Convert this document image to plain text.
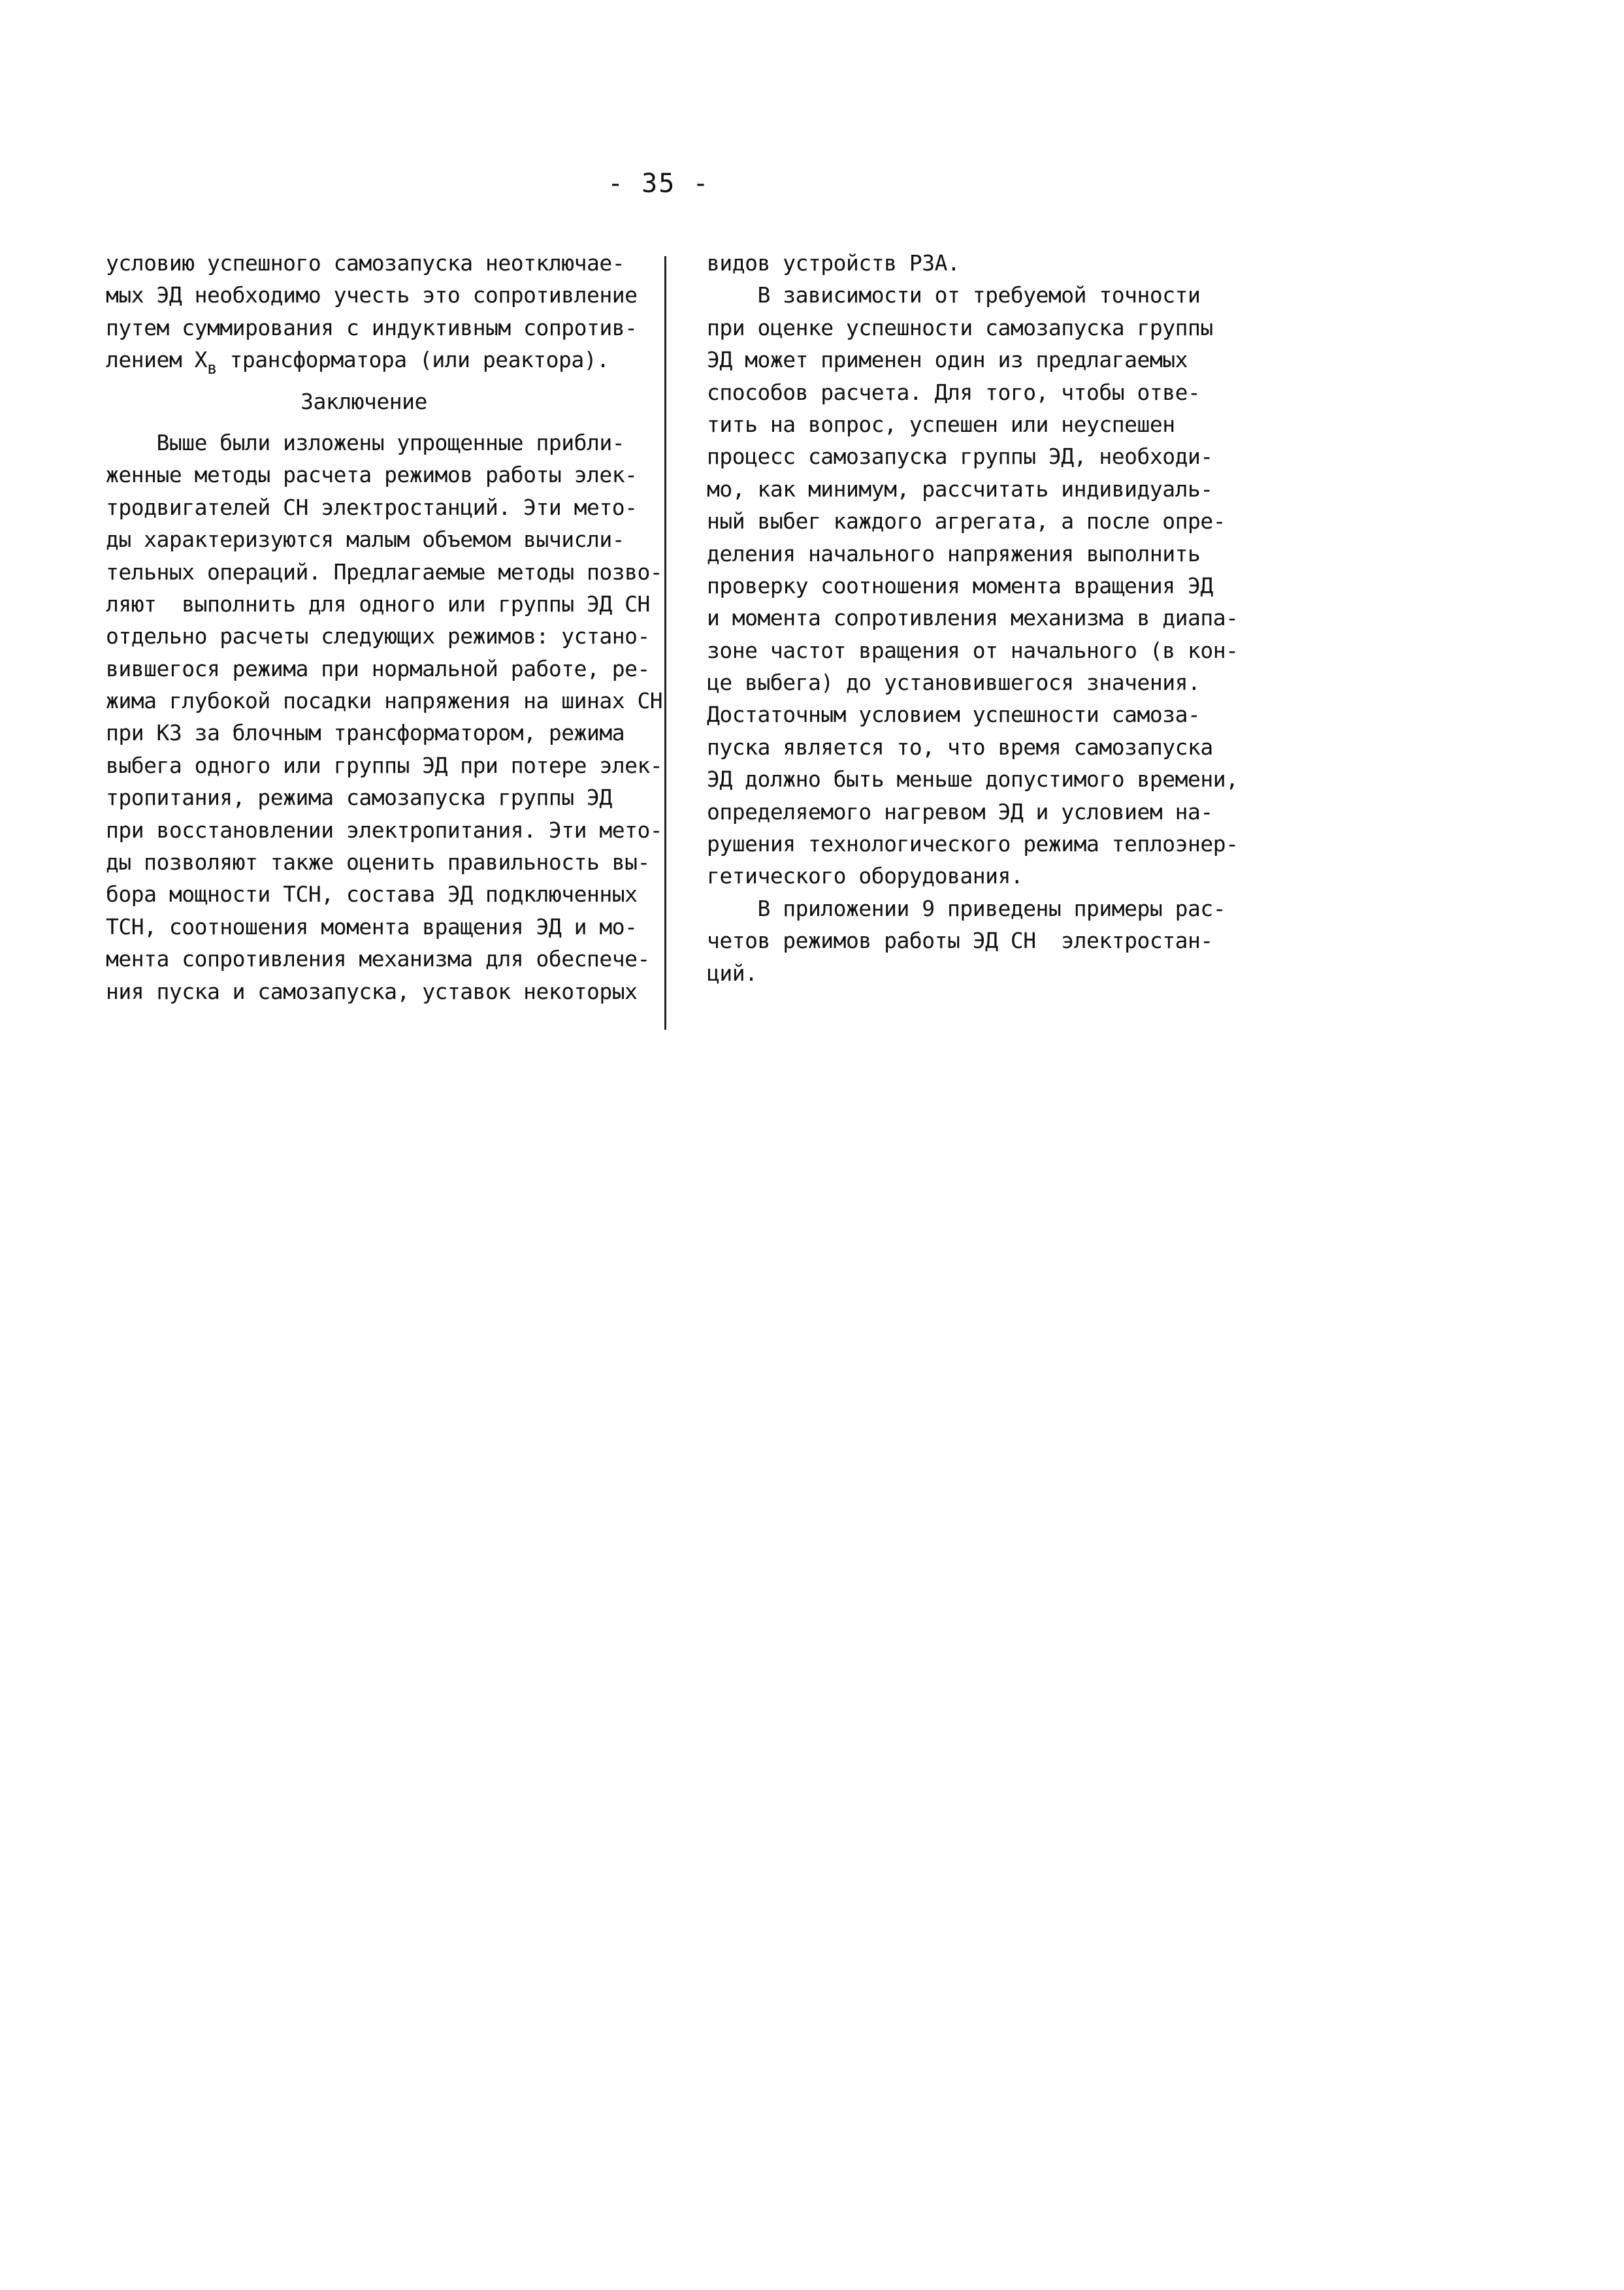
- 35 -
условию успешного самозапуска неотключае-
мых ЭД необходимо учесть это сопротивление
путем суммирования с индуктивным сопротив-
лением $X_в$ трансформатора (или реактора).
Заключение
Выше были изложены упрощенные прибли-
женные методы расчета режимов работы элек-
тродвигателей СН электростанций. Эти мето-
ды характеризуются малым объемом вычисли-
тельных операций. Предлагаемые методы позво-
ляют  выполнить для одного или группы ЭД СН
отдельно расчеты следующих режимов: устано-
вившегося режима при нормальной работе, ре-
жима глубокой посадки напряжения на шинах СН
при КЗ за блочным трансформатором, режима
выбега одного или группы ЭД при потере элек-
тропитания, режима самозапуска группы ЭД
при восстановлении электропитания. Эти мето-
ды позволяют также оценить правильность вы-
бора мощности ТСН, состава ЭД подключенных
ТСН, соотношения момента вращения ЭД и мо-
мента сопротивления механизма для обеспече-
ния пуска и самозапуска, уставок некоторых
видов устройств РЗА.
В зависимости от требуемой точности
при оценке успешности самозапуска группы
ЭД может применен один из предлагаемых
способов расчета. Для того, чтобы отве-
тить на вопрос, успешен или неуспешен
процесс самозапуска группы ЭД, необходи-
мо, как минимум, рассчитать индивидуаль-
ный выбег каждого агрегата, а после опре-
деления начального напряжения выполнить
проверку соотношения момента вращения ЭД
и момента сопротивления механизма в диапа-
зоне частот вращения от начального (в кон-
це выбега) до установившегося значения.
Достаточным условием успешности самоза-
пуска является то, что время самозапуска
ЭД должно быть меньше допустимого времени,
определяемого нагревом ЭД и условием на-
рушения технологического режима теплоэнер-
гетического оборудования.
В приложении 9 приведены примеры рас-
четов режимов работы ЭД СН  электростан-
ций.
